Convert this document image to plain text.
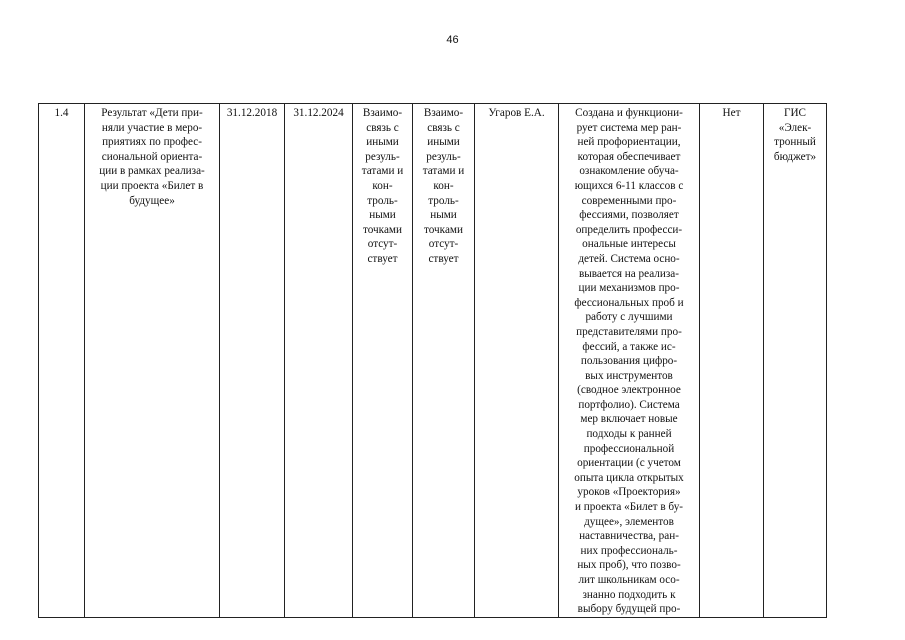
46
1.4	Результат «Дети при-
няли участие в меро-
приятиях по профес-
сиональной ориента-
ции в рамках реализа-
ции проекта «Билет в
будущее»	31.12.2018	31.12.2024	Взаимо-
связь с
иными
резуль-
татами и
кон-
троль-
ными
точками
отсут-
ствует	Взаимо-
связь с
иными
резуль-
татами и
кон-
троль-
ными
точками
отсут-
ствует	Угаров Е.А.	Создана и функциони-
рует система мер ран-
ней профориентации,
которая обеспечивает
ознакомление обуча-
ющихся 6-11 классов с
современными про-
фессиями, позволяет
определить професси-
ональные интересы
детей. Система осно-
вывается на реализа-
ции механизмов про-
фессиональных проб и
работу с лучшими
представителями про-
фессий, а также ис-
пользования цифро-
вых инструментов
(сводное электронное
портфолио). Система
мер включает новые
подходы к ранней
профессиональной
ориентации (с учетом
опыта цикла открытых
уроков «Проектория»
и проекта «Билет в бу-
дущее», элементов
наставничества, ран-
них профессиональ-
ных проб), что позво-
лит школьникам осо-
знанно подходить к
выбору будущей про-	Нет	ГИС
«Элек-
тронный
бюджет»
